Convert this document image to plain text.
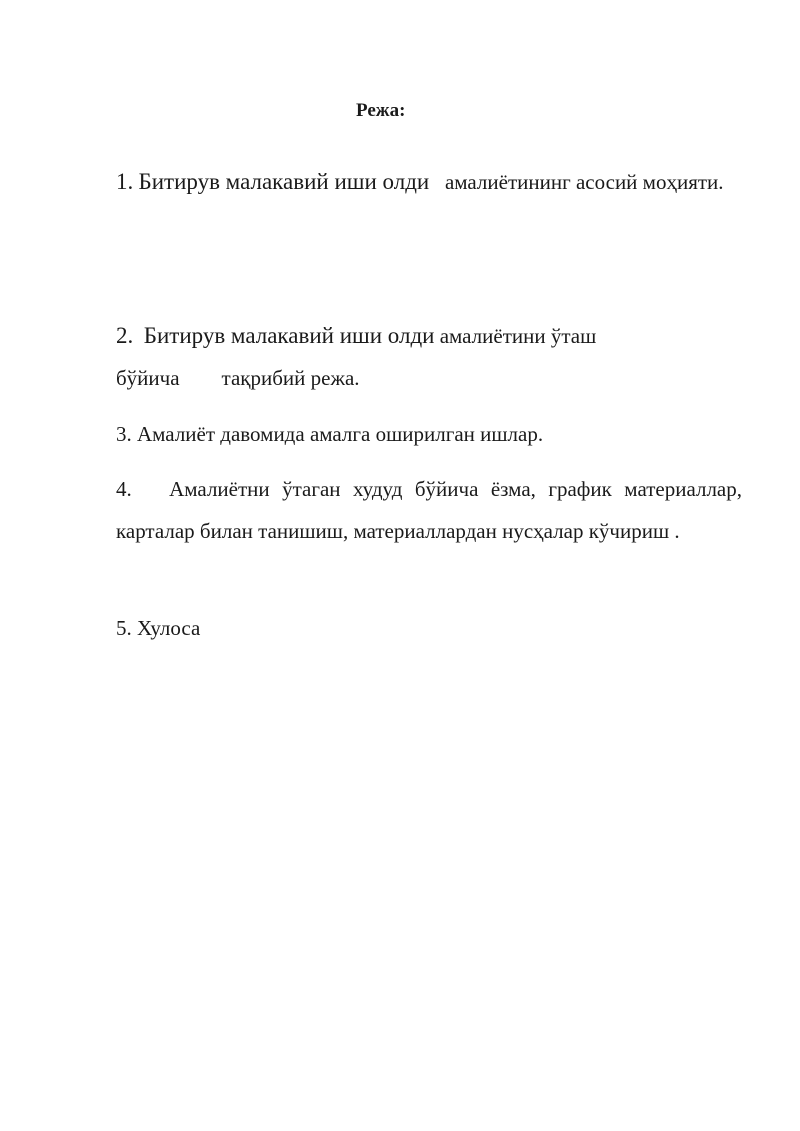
Режа:
1. Битирув малакавий иши олди амалиётининг асосий моҳияти.
2. Битирув малакавий иши олди амалиётини ўташ
бўйича тақрибий режа.
3. Амалиёт давомида амалга оширилган ишлар.
4. Амалиётни ўтаган худуд бўйича ёзма, график материаллар, карталар билан танишиш, материаллардан нусҳалар кўчириш .
5. Хулоса
